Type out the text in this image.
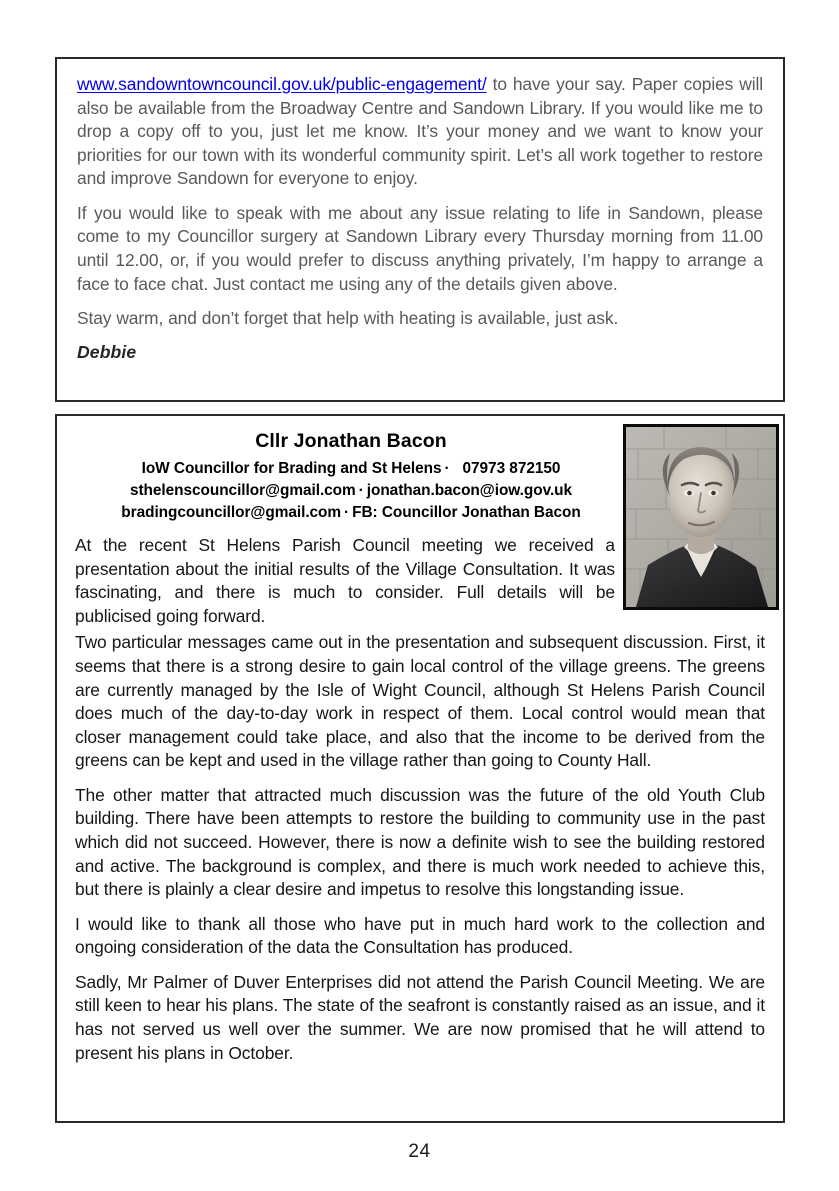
www.sandowntowncouncil.gov.uk/public-engagement/ to have your say. Paper copies will also be available from the Broadway Centre and Sandown Library. If you would like me to drop a copy off to you, just let me know. It’s your money and we want to know your priorities for our town with its wonderful community spirit. Let’s all work together to restore and improve Sandown for everyone to enjoy.

If you would like to speak with me about any issue relating to life in Sandown, please come to my Councillor surgery at Sandown Library every Thursday morning from 11.00 until 12.00, or, if you would prefer to discuss anything privately, I’m happy to arrange a face to face chat. Just contact me using any of the details given above.

Stay warm, and don’t forget that help with heating is available, just ask.

Debbie

Cllr Jonathan Bacon
IoW Councillor for Brading and St Helens · 07973 872150
sthelenscouncillor@gmail.com · jonathan.bacon@iow.gov.uk
bradingcouncillor@gmail.com · FB: Councillor Jonathan Bacon

At the recent St Helens Parish Council meeting we received a presentation about the initial results of the Village Consultation. It was fascinating, and there is much to consider. Full details will be publicised going forward.

Two particular messages came out in the presentation and subsequent discussion. First, it seems that there is a strong desire to gain local control of the village greens. The greens are currently managed by the Isle of Wight Council, although St Helens Parish Council does much of the day-to-day work in respect of them. Local control would mean that closer management could take place, and also that the income to be derived from the greens can be kept and used in the village rather than going to County Hall.

The other matter that attracted much discussion was the future of the old Youth Club building. There have been attempts to restore the building to community use in the past which did not succeed. However, there is now a definite wish to see the building restored and active. The background is complex, and there is much work needed to achieve this, but there is plainly a clear desire and impetus to resolve this longstanding issue.

I would like to thank all those who have put in much hard work to the collection and ongoing consideration of the data the Consultation has produced.

Sadly, Mr Palmer of Duver Enterprises did not attend the Parish Council Meeting. We are still keen to hear his plans. The state of the seafront is constantly raised as an issue, and it has not served us well over the summer. We are now promised that he will attend to present his plans in October.

24
